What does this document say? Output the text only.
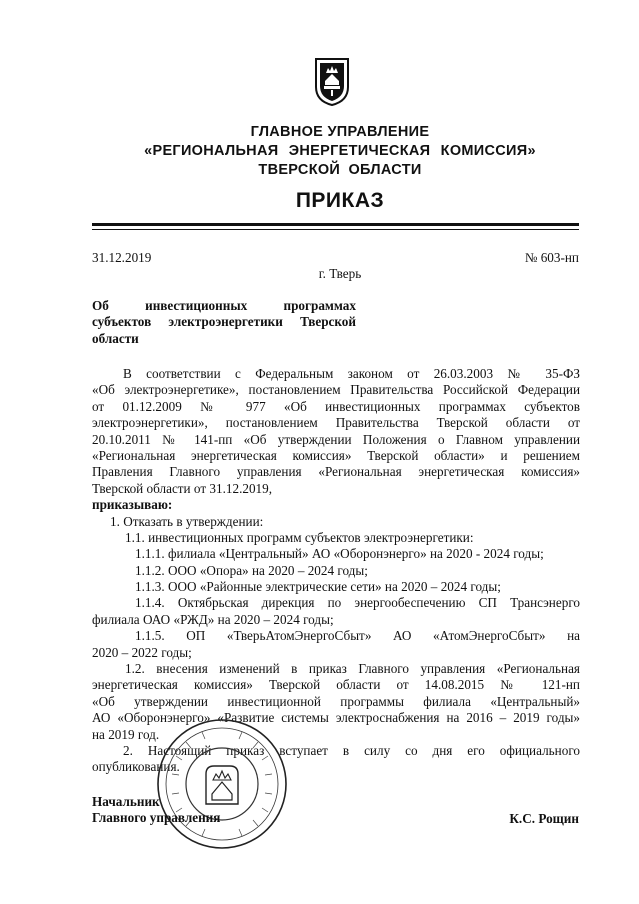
ГЛАВНОЕ УПРАВЛЕНИЕ
«РЕГИОНАЛЬНАЯ ЭНЕРГЕТИЧЕСКАЯ КОМИССИЯ»
ТВЕРСКОЙ ОБЛАСТИ
ПРИКАЗ
31.12.2019	№ 603-нп
г. Тверь
Об инвестиционных программах
субъектов электроэнергетики Тверской
области
В соответствии с Федеральным законом от 26.03.2003 № 35-ФЗ
«Об электроэнергетике», постановлением Правительства Российской Федерации
от 01.12.2009 № 977 «Об инвестиционных программах субъектов
электроэнергетики», постановлением Правительства Тверской области от
20.10.2011 № 141-пп «Об утверждении Положения о Главном управлении
«Региональная энергетическая комиссия» Тверской области» и решением
Правления Главного управления «Региональная энергетическая комиссия»
Тверской области от 31.12.2019,
приказываю:
1. Отказать в утверждении:
1.1. инвестиционных программ субъектов электроэнергетики:
1.1.1. филиала «Центральный» АО «Оборонэнерго» на 2020 - 2024 годы;
1.1.2. ООО «Опора» на 2020 – 2024 годы;
1.1.3. ООО «Районные электрические сети» на 2020 – 2024 годы;
1.1.4. Октябрьская дирекция по энергообеспечению СП Трансэнерго
филиала ОАО «РЖД» на 2020 – 2024 годы;
1.1.5. ОП «ТверьАтомЭнергоСбыт» АО «АтомЭнергоСбыт» на
2020 – 2022 годы;
1.2. внесения изменений в приказ Главного управления «Региональная
энергетическая комиссия» Тверской области от 14.08.2015 № 121-нп
«Об утверждении инвестиционной программы филиала «Центральный»
АО «Оборонэнерго» «Развитие системы электроснабжения на 2016 – 2019 годы»
на 2019 год.
2. Настоящий приказ вступает в силу со дня его официального
опубликования.
Начальник
Главного управления	К.С. Рощин
